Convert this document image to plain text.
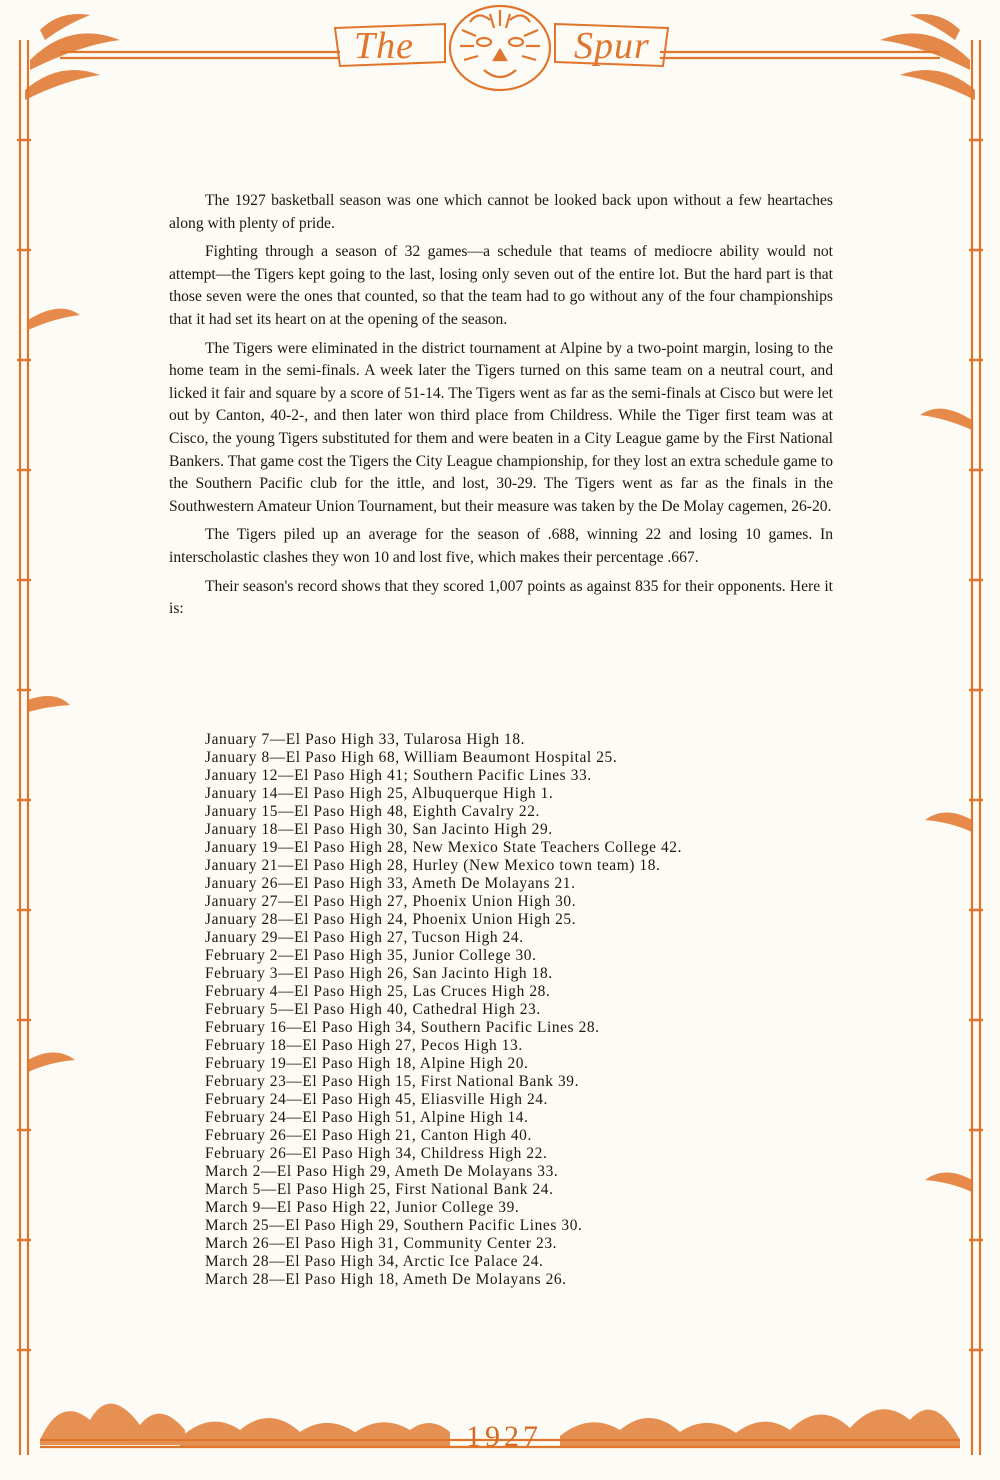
The	Spur

The 1927 basketball season was one which cannot be looked back upon without a few heartaches along with plenty of pride.

Fighting through a season of 32 games—a schedule that teams of mediocre ability would not attempt—the Tigers kept going to the last, losing only seven out of the entire lot. But the hard part is that those seven were the ones that counted, so that the team had to go without any of the four championships that it had set its heart on at the opening of the season.

The Tigers were eliminated in the district tournament at Alpine by a two-point margin, losing to the home team in the semi-finals. A week later the Tigers turned on this same team on a neutral court, and licked it fair and square by a score of 51-14. The Tigers went as far as the semi-finals at Cisco but were let out by Canton, 40-2-, and then later won third place from Childress. While the Tiger first team was at Cisco, the young Tigers substituted for them and were beaten in a City League game by the First National Bankers. That game cost the Tigers the City League championship, for they lost an extra schedule game to the Southern Pacific club for the ittle, and lost, 30-29. The Tigers went as far as the finals in the Southwestern Amateur Union Tournament, but their measure was taken by the De Molay cagemen, 26-20.

The Tigers piled up an average for the season of .688, winning 22 and losing 10 games. In interscholastic clashes they won 10 and lost five, which makes their percentage .667.

Their season's record shows that they scored 1,007 points as against 835 for their opponents. Here it is:

January 7—El Paso High 33, Tularosa High 18.
January 8—El Paso High 68, William Beaumont Hospital 25.
January 12—El Paso High 41; Southern Pacific Lines 33.
January 14—El Paso High 25, Albuquerque High 1.
January 15—El Paso High 48, Eighth Cavalry 22.
January 18—El Paso High 30, San Jacinto High 29.
January 19—El Paso High 28, New Mexico State Teachers College 42.
January 21—El Paso High 28, Hurley (New Mexico town team) 18.
January 26—El Paso High 33, Ameth De Molayans 21.
January 27—El Paso High 27, Phoenix Union High 30.
January 28—El Paso High 24, Phoenix Union High 25.
January 29—El Paso High 27, Tucson High 24.
February 2—El Paso High 35, Junior College 30.
February 3—El Paso High 26, San Jacinto High 18.
February 4—El Paso High 25, Las Cruces High 28.
February 5—El Paso High 40, Cathedral High 23.
February 16—El Paso High 34, Southern Pacific Lines 28.
February 18—El Paso High 27, Pecos High 13.
February 19—El Paso High 18, Alpine High 20.
February 23—El Paso High 15, First National Bank 39.
February 24—El Paso High 45, Eliasville High 24.
February 24—El Paso High 51, Alpine High 14.
February 26—El Paso High 21, Canton High 40.
February 26—El Paso High 34, Childress High 22.
March 2—El Paso High 29, Ameth De Molayans 33.
March 5—El Paso High 25, First National Bank 24.
March 9—El Paso High 22, Junior College 39.
March 25—El Paso High 29, Southern Pacific Lines 30.
March 26—El Paso High 31, Community Center 23.
March 28—El Paso High 34, Arctic Ice Palace 24.
March 28—El Paso High 18, Ameth De Molayans 26.
1927
